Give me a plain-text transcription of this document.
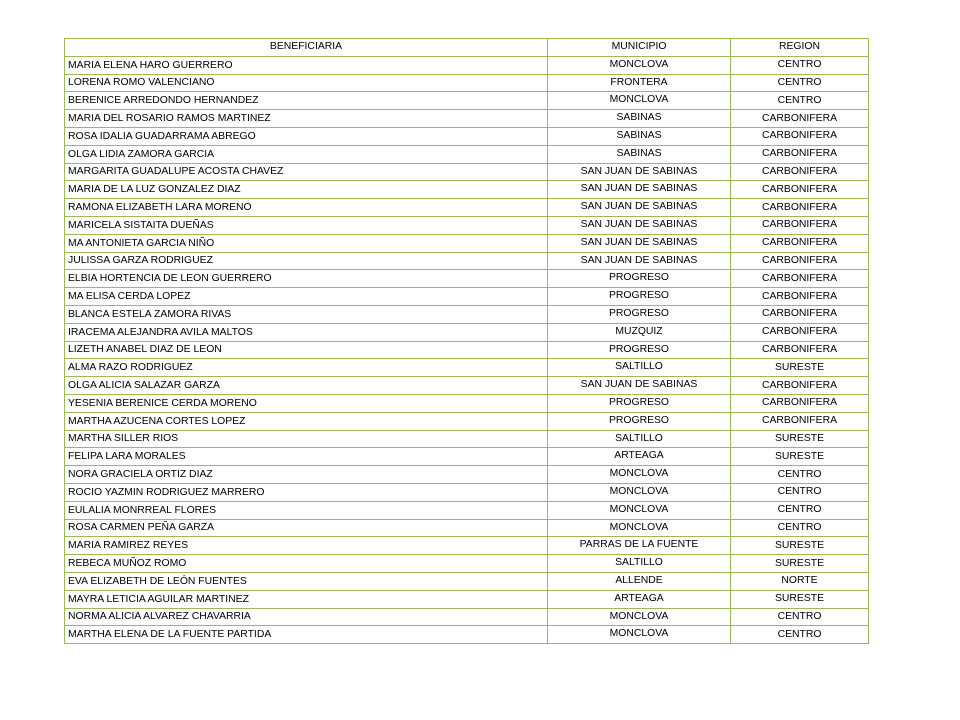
BENEFICIARIA	MUNICIPIO	REGION
MARIA ELENA HARO GUERRERO	MONCLOVA	CENTRO
LORENA ROMO VALENCIANO	FRONTERA	CENTRO
BERENICE ARREDONDO HERNANDEZ	MONCLOVA	CENTRO
MARIA DEL ROSARIO RAMOS MARTINEZ	SABINAS	CARBONIFERA
ROSA IDALIA GUADARRAMA ABREGO	SABINAS	CARBONIFERA
OLGA LIDIA ZAMORA GARCIA	SABINAS	CARBONIFERA
MARGARITA GUADALUPE ACOSTA CHAVEZ	SAN JUAN DE SABINAS	CARBONIFERA
MARIA DE LA LUZ GONZALEZ DIAZ	SAN JUAN DE SABINAS	CARBONIFERA
RAMONA ELIZABETH LARA MORENO	SAN JUAN DE SABINAS	CARBONIFERA
MARICELA SISTAITA DUEÑAS	SAN JUAN DE SABINAS	CARBONIFERA
MA ANTONIETA GARCIA NIÑO	SAN JUAN DE SABINAS	CARBONIFERA
JULISSA GARZA RODRIGUEZ	SAN JUAN DE SABINAS	CARBONIFERA
ELBIA HORTENCIA DE LEON GUERRERO	PROGRESO	CARBONIFERA
MA ELISA CERDA LOPEZ	PROGRESO	CARBONIFERA
BLANCA ESTELA ZAMORA RIVAS	PROGRESO	CARBONIFERA
IRACEMA ALEJANDRA AVILA MALTOS	MUZQUIZ	CARBONIFERA
LIZETH ANABEL DIAZ DE LEON	PROGRESO	CARBONIFERA
ALMA RAZO RODRIGUEZ	SALTILLO	SURESTE
OLGA ALICIA SALAZAR GARZA	SAN JUAN DE SABINAS	CARBONIFERA
YESENIA BERENICE CERDA MORENO	PROGRESO	CARBONIFERA
MARTHA AZUCENA CORTES LOPEZ	PROGRESO	CARBONIFERA
MARTHA SILLER RIOS	SALTILLO	SURESTE
FELIPA LARA MORALES	ARTEAGA	SURESTE
NORA GRACIELA ORTIZ DIAZ	MONCLOVA	CENTRO
ROCIO YAZMIN RODRIGUEZ MARRERO	MONCLOVA	CENTRO
EULALIA MONRREAL FLORES	MONCLOVA	CENTRO
ROSA CARMEN PEÑA GARZA	MONCLOVA	CENTRO
MARIA RAMIREZ REYES	PARRAS DE LA FUENTE	SURESTE
REBECA MUÑOZ ROMO	SALTILLO	SURESTE
EVA ELIZABETH DE LEÓN FUENTES	ALLENDE	NORTE
MAYRA LETICIA AGUILAR MARTINEZ	ARTEAGA	SURESTE
NORMA ALICIA ALVAREZ CHAVARRIA	MONCLOVA	CENTRO
MARTHA ELENA DE LA FUENTE PARTIDA	MONCLOVA	CENTRO
